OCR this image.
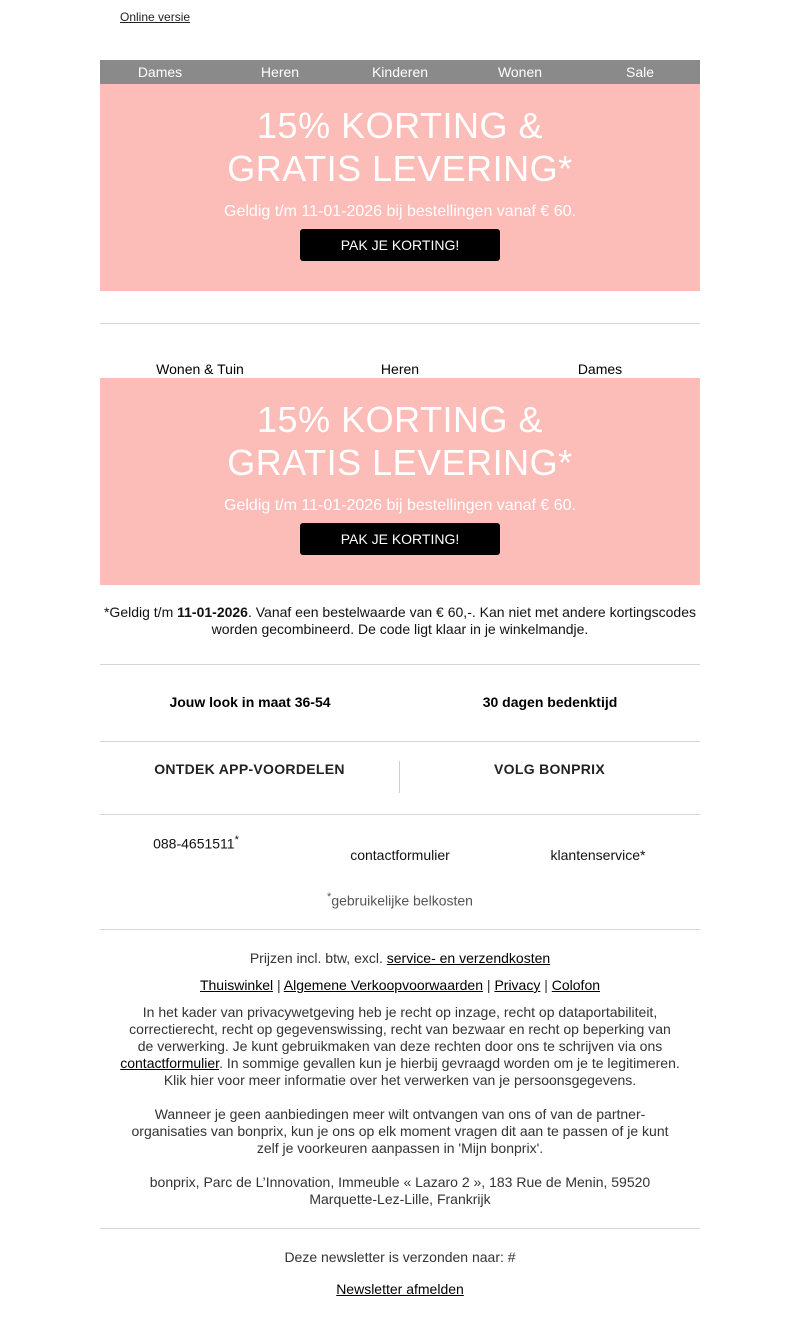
Online versie
Dames	Heren	Kinderen	Wonen	Sale
15% KORTING &
GRATIS LEVERING*
Geldig t/m 11-01-2026 bij bestellingen vanaf € 60.
PAK JE KORTING!
Wonen & Tuin	Heren	Dames
15% KORTING &
GRATIS LEVERING*
Geldig t/m 11-01-2026 bij bestellingen vanaf € 60.
PAK JE KORTING!
*Geldig t/m 11-01-2026. Vanaf een bestelwaarde van € 60,-. Kan niet met andere kortingscodes worden gecombineerd. De code ligt klaar in je winkelmandje.
Jouw look in maat 36-54	30 dagen bedenktijd
ONTDEK APP-VOORDELEN	VOLG BONPRIX
088-4651511*
contactformulier	klantenservice*
*gebruikelijke belkosten
Prijzen incl. btw, excl. service- en verzendkosten
Thuiswinkel | Algemene Verkoopvoorwaarden | Privacy | Colofon
In het kader van privacywetgeving heb je recht op inzage, recht op dataportabiliteit, correctierecht, recht op gegevenswissing, recht van bezwaar en recht op beperking van de verwerking. Je kunt gebruikmaken van deze rechten door ons te schrijven via ons contactformulier. In sommige gevallen kun je hierbij gevraagd worden om je te legitimeren. Klik hier voor meer informatie over het verwerken van je persoonsgegevens.
Wanneer je geen aanbiedingen meer wilt ontvangen van ons of van de partner-organisaties van bonprix, kun je ons op elk moment vragen dit aan te passen of je kunt zelf je voorkeuren aanpassen in 'Mijn bonprix'.
bonprix, Parc de L’Innovation, Immeuble « Lazaro 2 », 183 Rue de Menin, 59520 Marquette-Lez-Lille, Frankrijk
Deze newsletter is verzonden naar: #
Newsletter afmelden
